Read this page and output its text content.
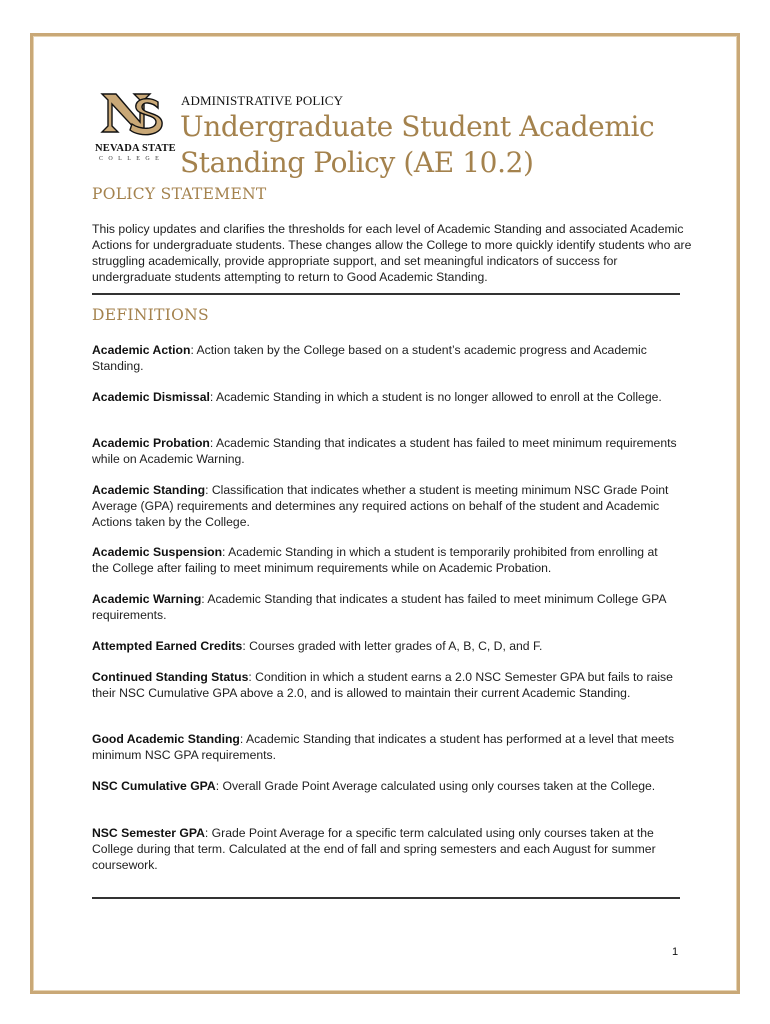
NEVADA STATE
COLLEGE
ADMINISTRATIVE POLICY
Undergraduate Student Academic Standing Policy (AE 10.2)
POLICY STATEMENT

This policy updates and clarifies the thresholds for each level of Academic Standing and associated Academic Actions for undergraduate students. These changes allow the College to more quickly identify students who are struggling academically, provide appropriate support, and set meaningful indicators of success for undergraduate students attempting to return to Good Academic Standing.

DEFINITIONS

Academic Action: Action taken by the College based on a student’s academic progress and Academic Standing.

Academic Dismissal: Academic Standing in which a student is no longer allowed to enroll at the College.

Academic Probation: Academic Standing that indicates a student has failed to meet minimum requirements while on Academic Warning.

Academic Standing: Classification that indicates whether a student is meeting minimum NSC Grade Point Average (GPA) requirements and determines any required actions on behalf of the student and Academic Actions taken by the College.

Academic Suspension: Academic Standing in which a student is temporarily prohibited from enrolling at the College after failing to meet minimum requirements while on Academic Probation.

Academic Warning: Academic Standing that indicates a student has failed to meet minimum College GPA requirements.

Attempted Earned Credits: Courses graded with letter grades of A, B, C, D, and F.

Continued Standing Status: Condition in which a student earns a 2.0 NSC Semester GPA but fails to raise their NSC Cumulative GPA above a 2.0, and is allowed to maintain their current Academic Standing.

Good Academic Standing: Academic Standing that indicates a student has performed at a level that meets minimum NSC GPA requirements.

NSC Cumulative GPA: Overall Grade Point Average calculated using only courses taken at the College.

NSC Semester GPA: Grade Point Average for a specific term calculated using only courses taken at the College during that term. Calculated at the end of fall and spring semesters and each August for summer coursework.

1
